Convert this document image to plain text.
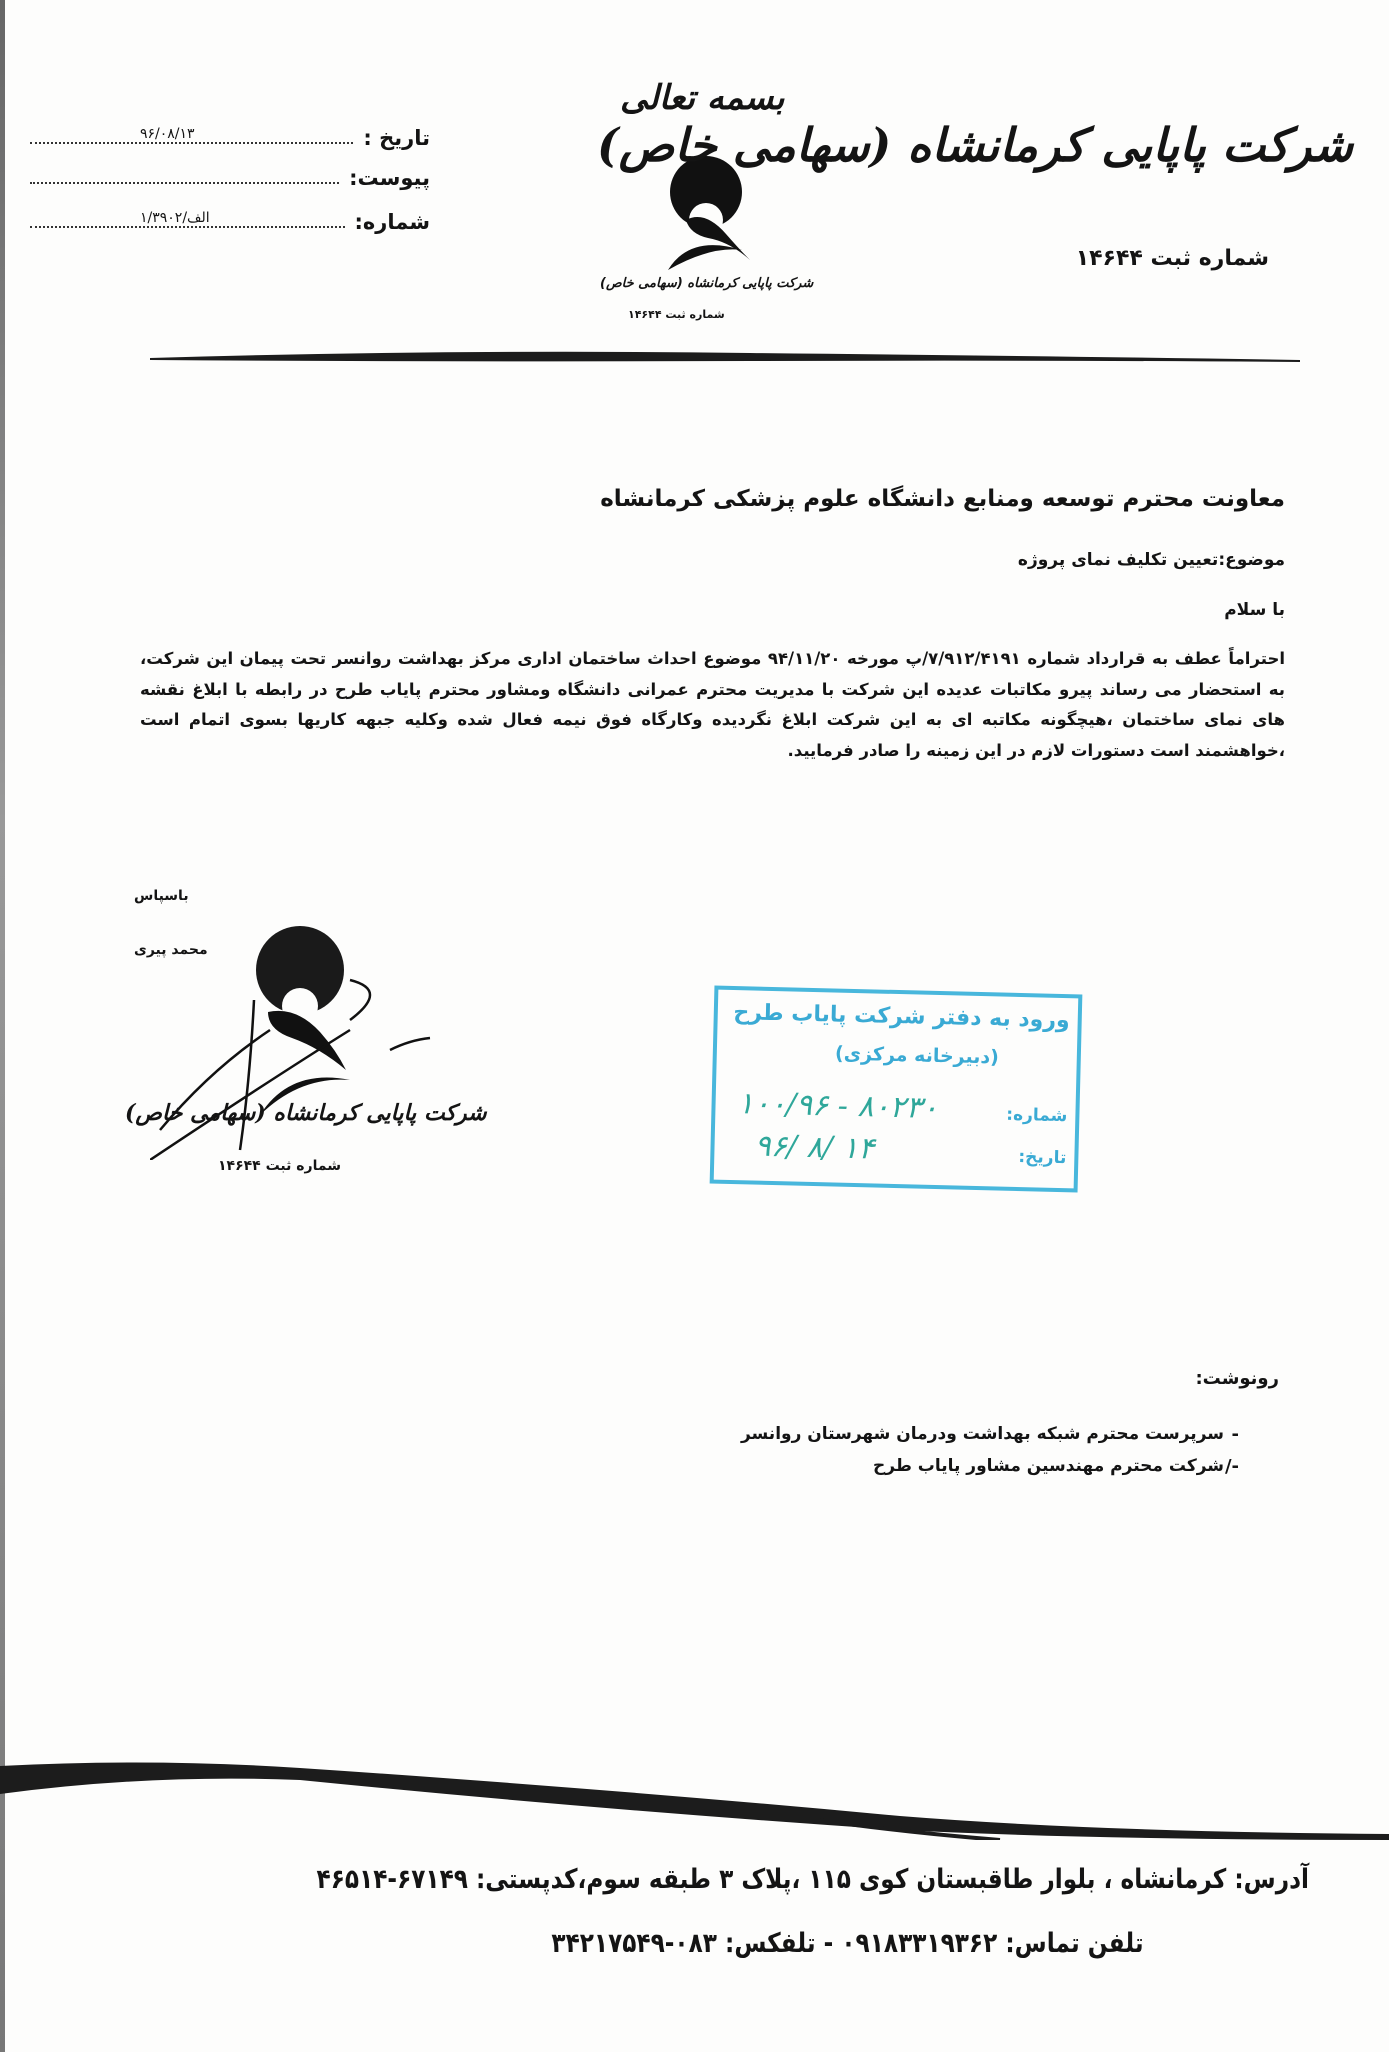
تاریخ :
۹۶/۰۸/۱۳
پیوست:
شماره:
۱/۳۹۰۲/الف
بسمه تعالی
شرکت پاپایی کرمانشاه (سهامی خاص)
شماره ثبت ۱۴۶۴۴
شرکت پاپایی کرمانشاه (سهامی خاص)
شماره ثبت ۱۴۶۴۴
معاونت محترم توسعه ومنابع دانشگاه علوم پزشکی کرمانشاه
موضوع:تعیین تکلیف نمای پروژه
با سلام
احتراماً عطف به قرارداد شماره ۷/۹۱۲/۴۱۹۱/پ مورخه ۹۴/۱۱/۲۰ موضوع احداث ساختمان اداری مرکز بهداشت روانسر تحت پیمان این شرکت، به استحضار می رساند پیرو مکاتبات عدیده این شرکت با مدیریت محترم عمرانی دانشگاه ومشاور محترم پایاب طرح در رابطه با ابلاغ نقشه های نمای ساختمان ،هیچگونه مکاتبه ای به این شرکت ابلاغ نگردیده وکارگاه فوق نیمه فعال شده وکلیه جبهه کاریها بسوی اتمام است ،خواهشمند است دستورات لازم در این زمینه را صادر فرمایید.
باسپاس
محمد پیری
شرکت پاپایی کرمانشاه (سهامی خاص)
شماره ثبت ۱۴۶۴۴
ورود به دفتر شرکت پایاب طرح
(دبیرخانه مرکزی)
شماره:
۱۰۰/۹۶ - ۸۰۲۳۰
تاریخ:
۹۶/ ۸/ ۱۴
رونوشت:
-
سرپرست محترم شبکه بهداشت ودرمان شهرستان روانسر
/-
شرکت محترم مهندسین مشاور پایاب طرح
آدرس: کرمانشاه ، بلوار طاقبستان کوی ۱۱۵ ،پلاک ۳ طبقه سوم،کدپستی: ۶۷۱۴۹-۴۶۵۱۴
تلفن تماس: ۰۹۱۸۳۳۱۹۳۶۲ - تلفکس: ۰۸۳-۳۴۲۱۷۵۴۹
